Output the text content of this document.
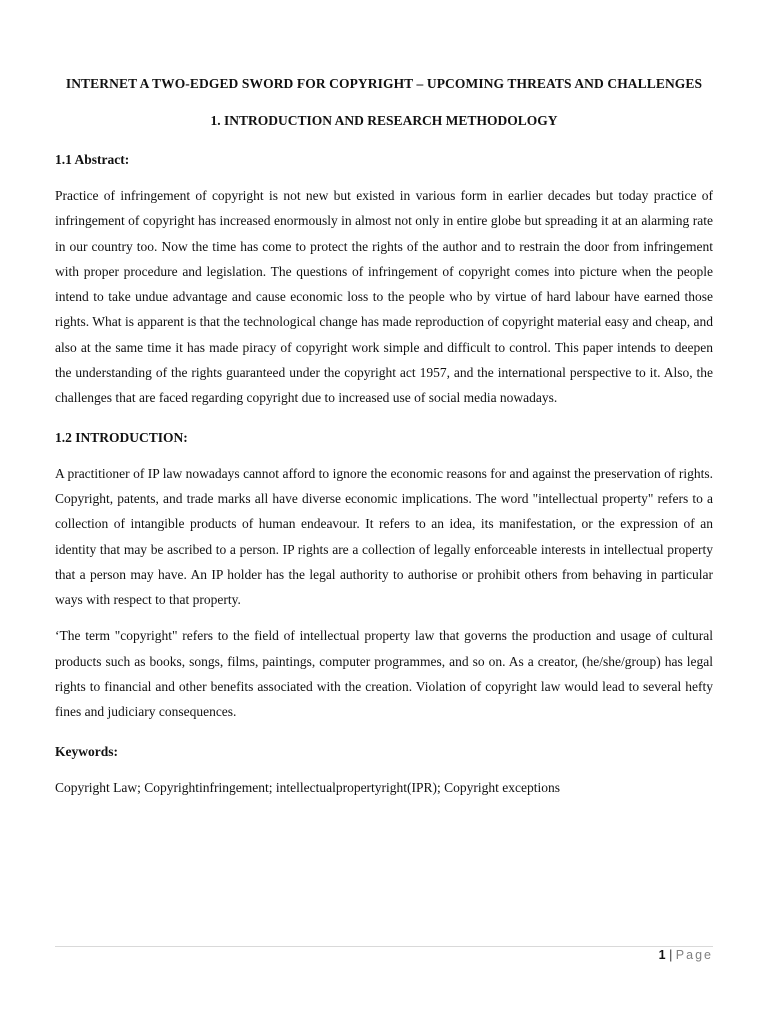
INTERNET A TWO-EDGED SWORD FOR COPYRIGHT – UPCOMING THREATS AND CHALLENGES

1. INTRODUCTION AND RESEARCH METHODOLOGY

1.1 Abstract:

Practice of infringement of copyright is not new but existed in various form in earlier decades but today practice of infringement of copyright has increased enormously in almost not only in entire globe but spreading it at an alarming rate in our country too. Now the time has come to protect the rights of the author and to restrain the door from infringement with proper procedure and legislation. The questions of infringement of copyright comes into picture when the people intend to take undue advantage and cause economic loss to the people who by virtue of hard labour have earned those rights. What is apparent is that the technological change has made reproduction of copyright material easy and cheap, and also at the same time it has made piracy of copyright work simple and difficult to control. This paper intends to deepen the understanding of the rights guaranteed under the copyright act 1957, and the international perspective to it. Also, the challenges that are faced regarding copyright due to increased use of social media nowadays.

1.2 INTRODUCTION:

A practitioner of IP law nowadays cannot afford to ignore the economic reasons for and against the preservation of rights. Copyright, patents, and trade marks all have diverse economic implications. The word "intellectual property" refers to a collection of intangible products of human endeavour. It refers to an idea, its manifestation, or the expression of an identity that may be ascribed to a person. IP rights are a collection of legally enforceable interests in intellectual property that a person may have. An IP holder has the legal authority to authorise or prohibit others from behaving in particular ways with respect to that property.

‘The term "copyright" refers to the field of intellectual property law that governs the production and usage of cultural products such as books, songs, films, paintings, computer programmes, and so on. As a creator, (he/she/group) has legal rights to financial and other benefits associated with the creation. Violation of copyright law would lead to several hefty fines and judiciary consequences.

Keywords:

Copyright Law; Copyrightinfringement; intellectualpropertyright(IPR); Copyright exceptions

1 | Page
